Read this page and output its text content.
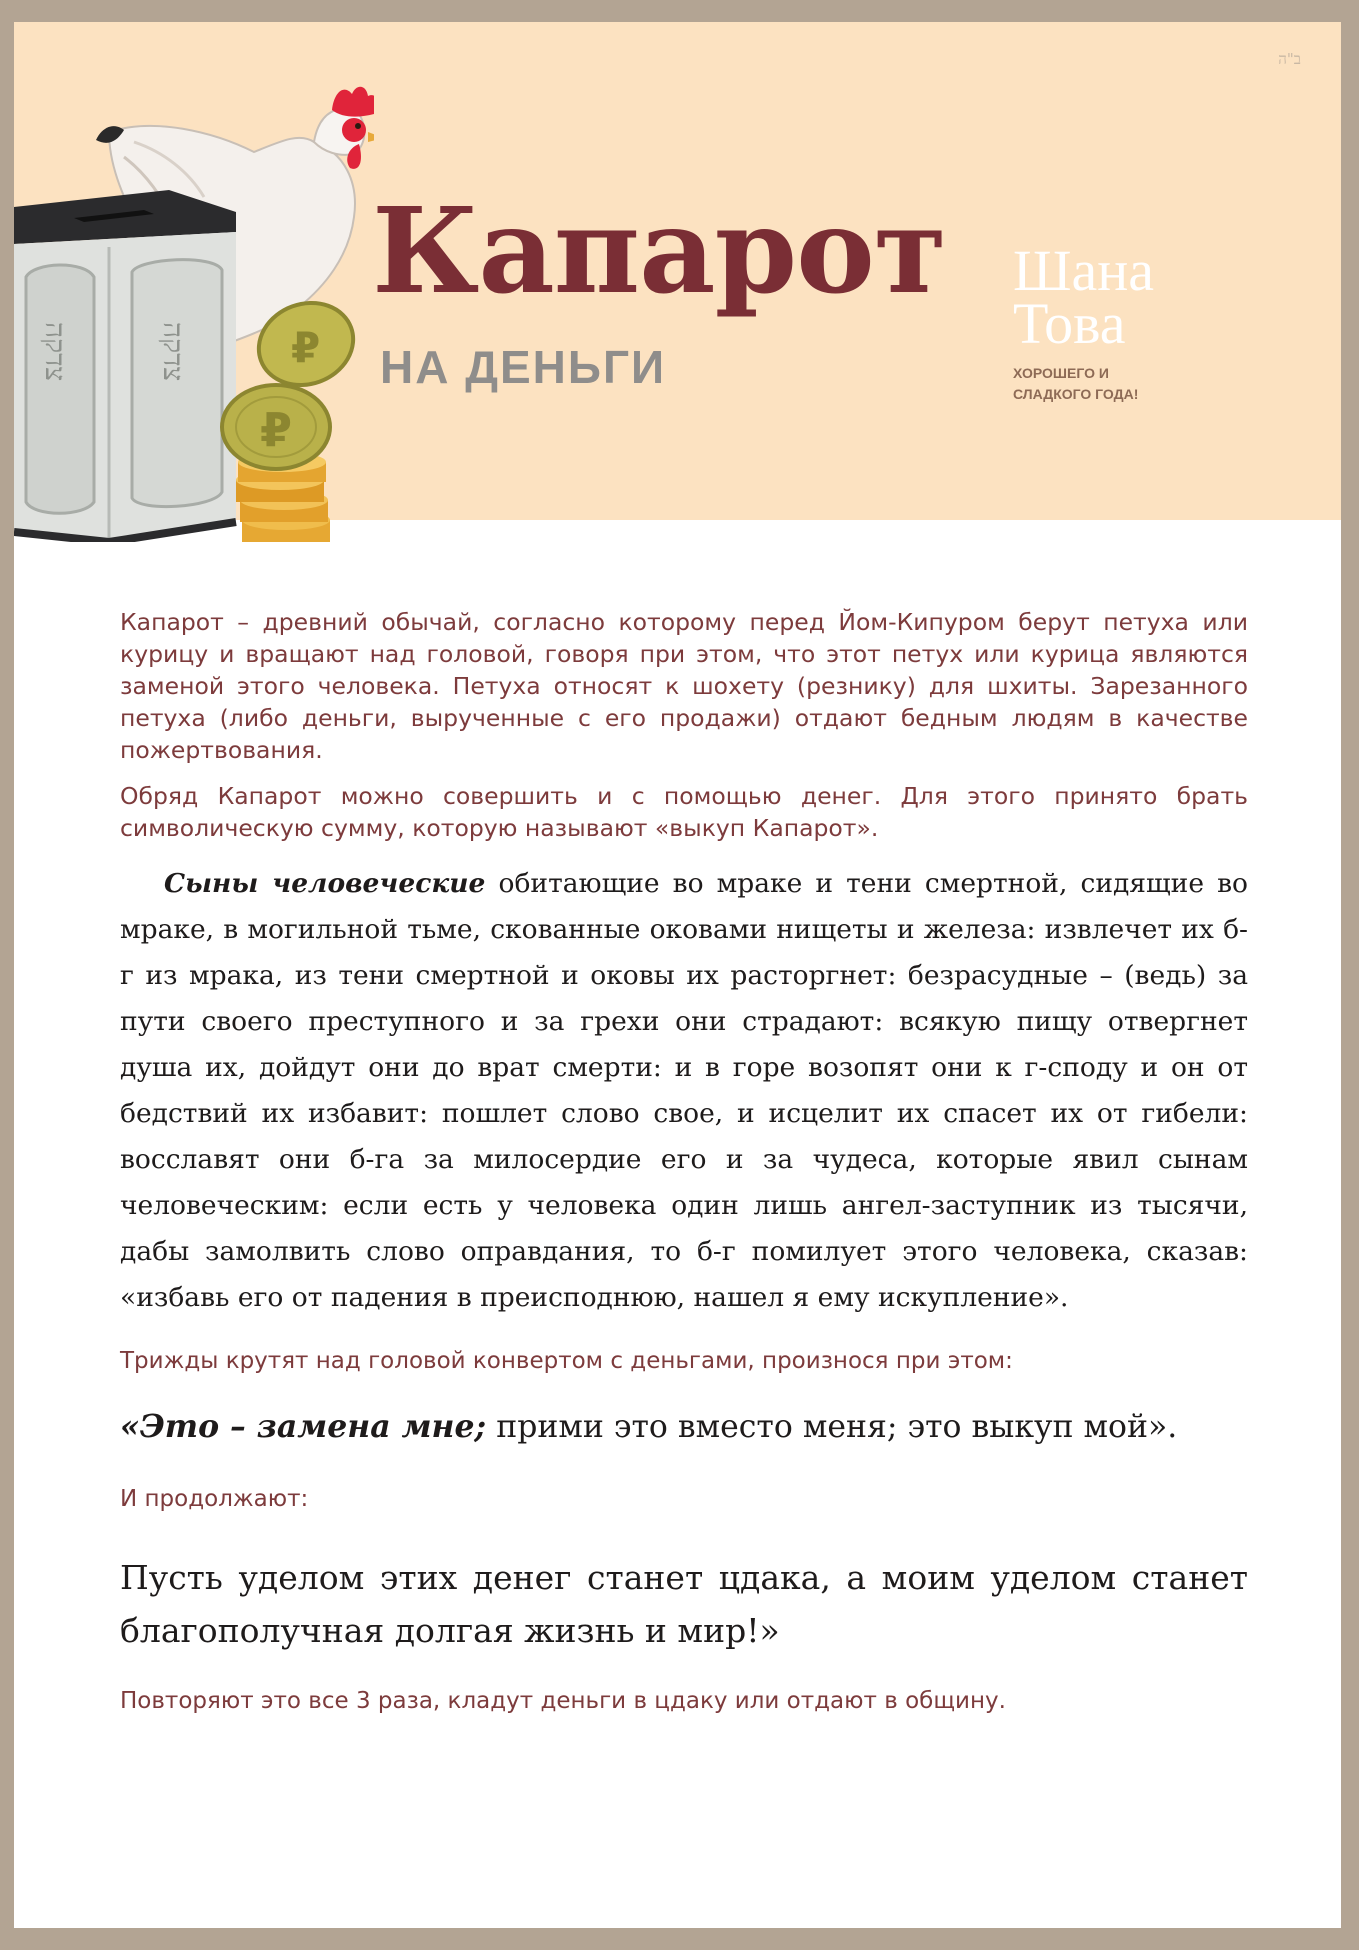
ב"ה
צדקה	צדקה
₽
₽
Капарот
НА ДЕНЬГИ
Шана
Това
ХОРОШЕГО И
СЛАДКОГО ГОДА!

Капарот – древний обычай, согласно которому перед Йом-Кипуром берут петуха или курицу и вращают над головой, говоря при этом, что этот петух или курица являются заменой этого человека. Петуха относят к шохету (резнику) для шхиты. Зарезанного петуха (либо деньги, вырученные с его продажи) отдают бедным людям в качестве пожертвования.

Обряд Капарот можно совершить и с помощью денег. Для этого принято брать символическую сумму, которую называют «выкуп Капарот».

Сыны человеческие обитающие во мраке и тени смертной, сидящие во мраке, в могильной тьме, скованные оковами нищеты и железа: извлечет их б-г из мрака, из тени смертной и оковы их расторгнет: безрасудные – (ведь) за пути своего преступного и за грехи они страдают: всякую пищу отвергнет душа их, дойдут они до врат смерти: и в горе возопят они к г-споду и он от бедствий их избавит: пошлет слово свое, и исцелит их спасет их от гибели: восславят они б-га за милосердие его и за чудеса, которые явил сынам человеческим: если есть у человека один лишь ангел-заступник из тысячи, дабы замолвить слово оправдания, то б-г помилует этого человека, сказав: «избавь его от падения в преисподнюю, нашел я ему искупление».

Трижды крутят над головой конвертом с деньгами, произнося при этом:

«Это – замена мне; прими это вместо меня; это выкуп мой».

И продолжают:

Пусть уделом этих денег станет цдака, а моим уделом станет благополучная долгая жизнь и мир!»

Повторяют это все 3 раза, кладут деньги в цдаку или отдают в общину.
